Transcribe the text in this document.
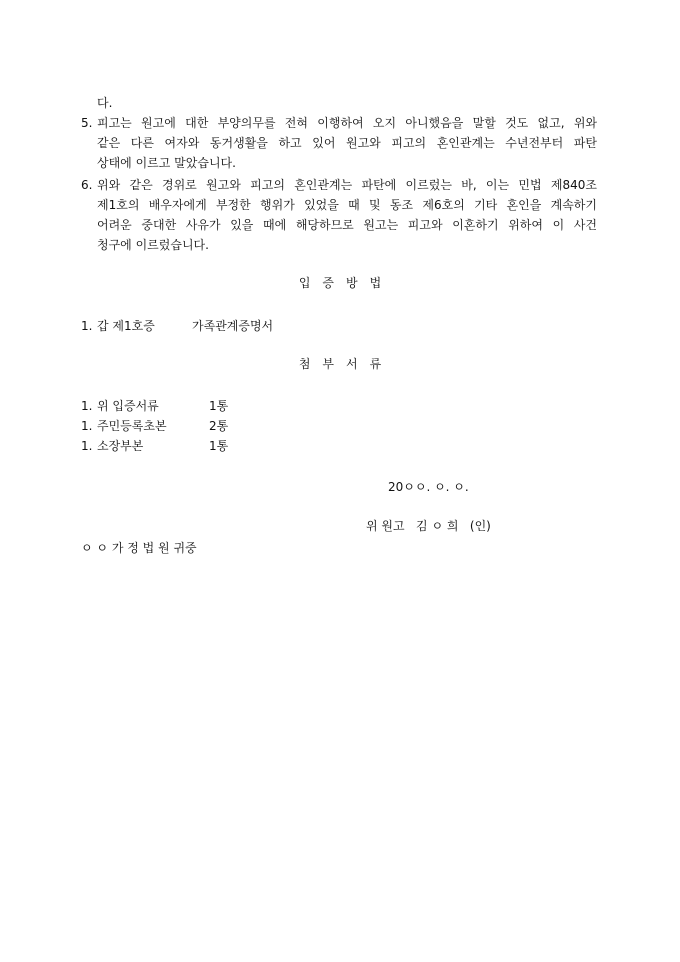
다.
5. 피고는 원고에 대한 부양의무를 전혀 이행하여 오지 아니했음을 말할 것도 없고, 위와
같은 다른 여자와 동거생활을 하고 있어 원고와 피고의 혼인관계는 수년전부터 파탄
상태에 이르고 말았습니다.
6. 위와 같은 경위로 원고와 피고의 혼인관계는 파탄에 이르렀는 바, 이는 민법 제840조
제1호의 배우자에게 부정한 행위가 있었을 때 및 동조 제6호의 기타 혼인을 계속하기
어려운 중대한 사유가 있을 때에 해당하므로 원고는 피고와 이혼하기 위하여 이 사건
청구에 이르렀습니다.
입증방법
1. 갑 제1호증	가족관계증명서
첨부서류
1. 위 입증서류	1통
1. 주민등록초본	2통
1. 소장부본	1통
20ㅇㅇ. ㅇ. ㅇ.
위 원고   김 ㅇ 희   (인)
ㅇ ㅇ 가 정 법 원 귀중
